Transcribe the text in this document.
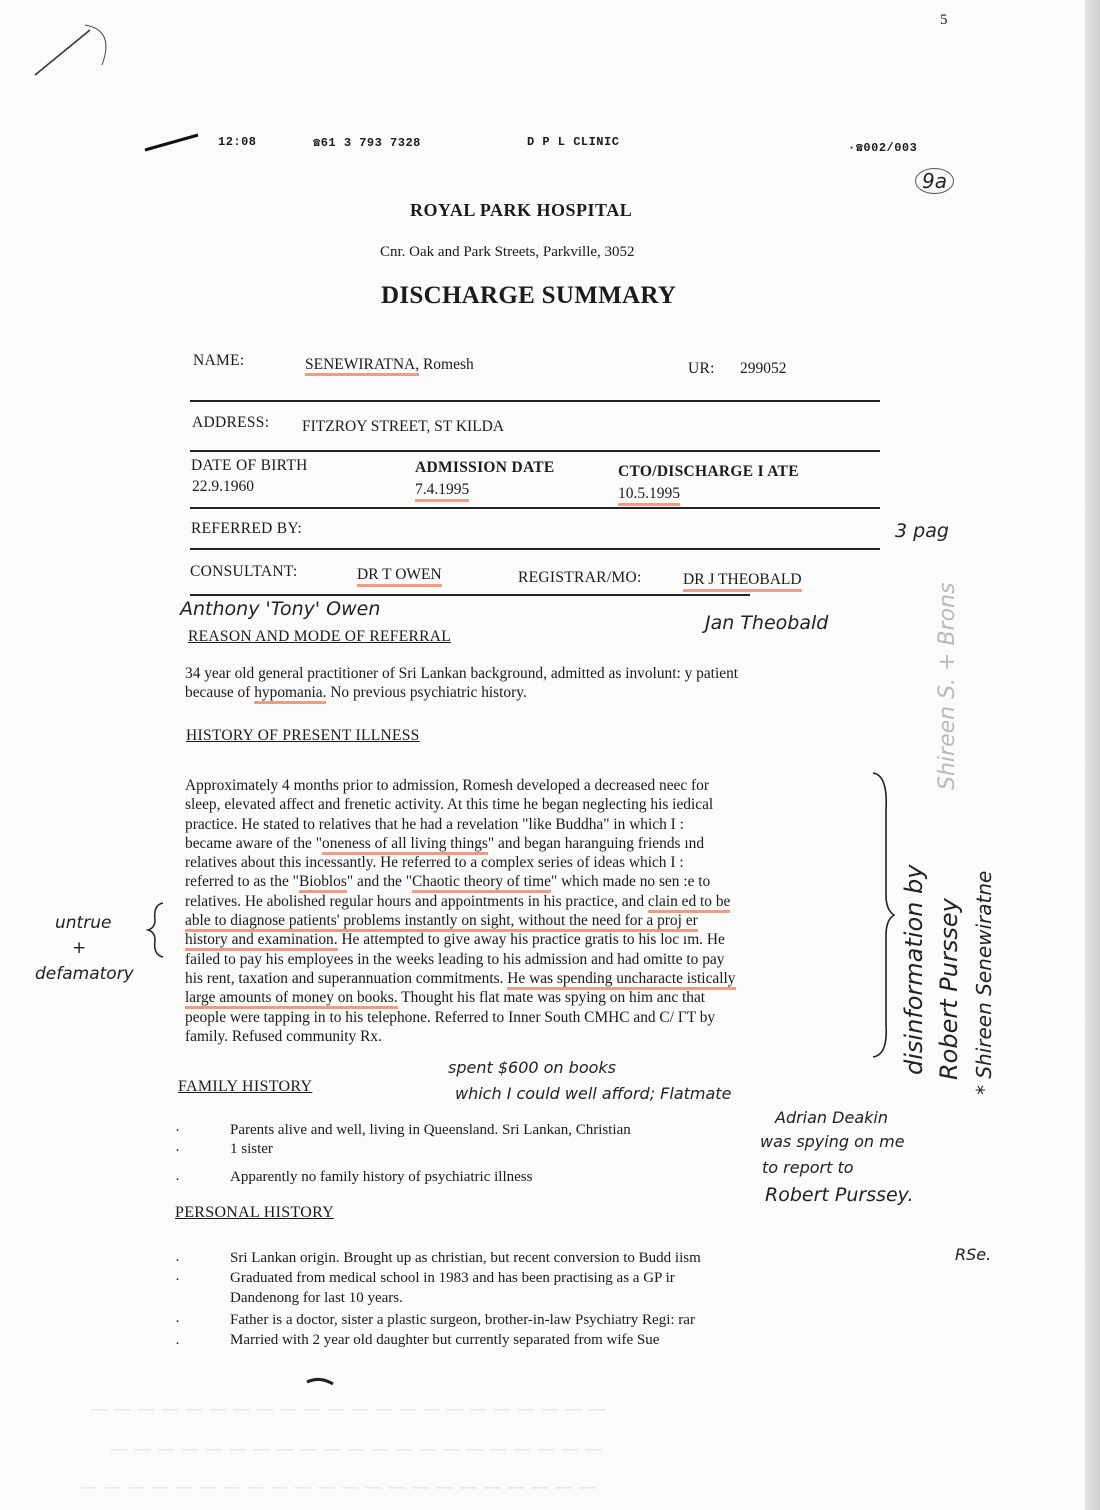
5
12:08	☎61 3 793 7328	D P L CLINIC	·☎002/003
9a
ROYAL PARK HOSPITAL
Cnr. Oak and Park Streets, Parkville, 3052
DISCHARGE SUMMARY
NAME:	SENEWIRATNA, Romesh	UR: 299052
ADDRESS: FITZROY STREET, ST KILDA
DATE OF BIRTH
22.9.1960
ADMISSION DATE
7.4.1995
CTO/DISCHARGE I ATE
10.5.1995
REFERRED BY:	3 pag
CONSULTANT:	DR T OWEN	REGISTRAR/MO:	DR J THEOBALD
Anthony 'Tony' Owen
Jan Theobald
REASON AND MODE OF REFERRAL
34 year old general practitioner of Sri Lankan background, admitted as involunt: y patient
because of hypomania. No previous psychiatric history.
HISTORY OF PRESENT ILLNESS
Approximately 4 months prior to admission, Romesh developed a decreased neec for
sleep, elevated affect and frenetic activity. At this time he began neglecting his iedical
practice. He stated to relatives that he had a revelation "like Buddha" in which I :
became aware of the "oneness of all living things" and began haranguing friends ınd
relatives about this incessantly. He referred to a complex series of ideas which I :
referred to as the "Bioblos" and the "Chaotic theory of time" which made no sen :e to
relatives. He abolished regular hours and appointments in his practice, and clain ed to be
able to diagnose patients' problems instantly on sight, without the need for a proj er
history and examination. He attempted to give away his practice gratis to his loc ım. He
failed to pay his employees in the weeks leading to his admission and had omitte to pay
his rent, taxation and superannuation commitments. He was spending uncharacte istically
large amounts of money on books. Thought his flat mate was spying on him anc that
people were tapping in to his telephone. Referred to Inner South CMHC and C/ ΓT by
family. Refused community Rx.
untrue
+
defamatory	disinformation by Robert Purssey * Shireen Senewiratne
Shireen S. + Brons
FAMILY HISTORY
·	Parents alive and well, living in Queensland. Sri Lankan, Christian
·	1 sister
·	Apparently no family history of psychiatric illness
spent $600 on books
which I could well afford; Flatmate
Adrian Deakin
was spying on me
to report to
Robert Purssey.
PERSONAL HISTORY
·	Sri Lankan origin. Brought up as christian, but recent conversion to Budd iism
·	Graduated from medical school in 1983 and has been practising as a GP ir
Dandenong for last 10 years.
·	Father is a doctor, sister a plastic surgeon, brother-in-law Psychiatry Regi: rar
·	Married with 2 year old daughter but currently separated from wife Sue
RSe.
— — — — — — — — — — — — — — — — — — — — — —
— — — — — — — — — — — — — — — — — — — — —
— — — — — — — — — — — — — — — — — — — — — —
